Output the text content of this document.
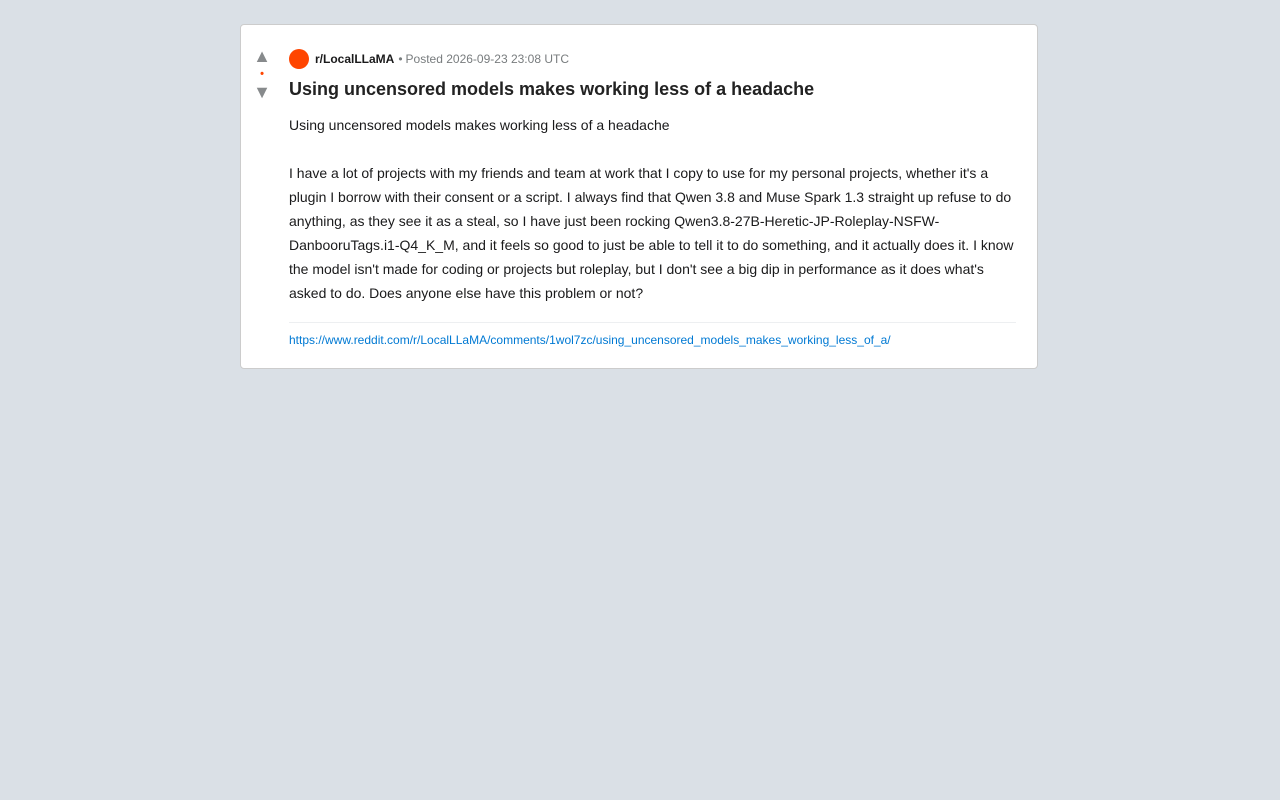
▲
•
▼
r/LocalLLaMA • Posted 2026-09-23 23:08 UTC
Using uncensored models makes working less of a headache

Using uncensored models makes working less of a headache

I have a lot of projects with my friends and team at work that I copy to use for my personal projects, whether it's a plugin I borrow with their consent or a script. I always find that Qwen 3.8 and Muse Spark 1.3 straight up refuse to do anything, as they see it as a steal, so I have just been rocking Qwen3.8-27B-Heretic-JP-Roleplay-NSFW-DanbooruTags.i1-Q4_K_M, and it feels so good to just be able to tell it to do something, and it actually does it. I know the model isn't made for coding or projects but roleplay, but I don't see a big dip in performance as it does what's asked to do. Does anyone else have this problem or not?

https://www.reddit.com/r/LocalLLaMA/comments/1wol7zc/using_uncensored_models_makes_working_less_of_a/
